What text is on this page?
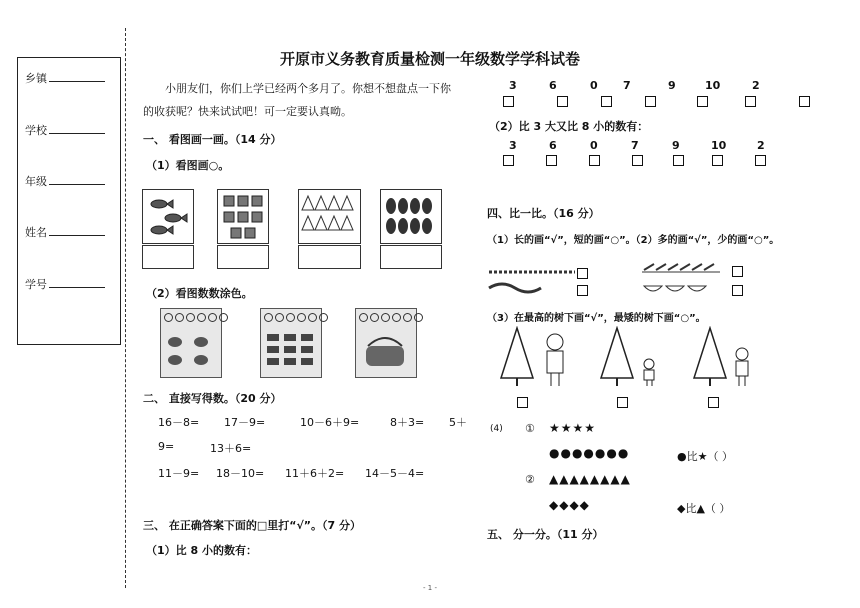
乡镇
学校
年级
姓名
学号
开原市义务教育质量检测一年级数学学科试卷
小朋友们，你们上学已经两个多月了。你想不想盘点一下你
的收获呢？快来试试吧！可一定要认真呦。
一、 看图画一画。（14 分）
（1）看图画○。
（2）看图数数涂色。
二、 直接写得数。（20 分）
16－8= 17－9=	10－6＋9=	8＋3= 5＋
9=	13＋6=
11－9= 18－10= 11＋6＋2= 14－5－4=
三、 在正确答案下面的□里打“√”。（7 分）
（1）比 8 小的数有：
3	6	0 7	9	10	2
（2）比 3 大又比 8 小的数有：
3	6	0	7	9	10	2
四、比一比。（16 分）
（1）长的画“√”，短的画“○”。（2）多的画“√”，少的画“○”。
（3）在最高的树下画“√”，最矮的树下画“○”。
(4) ① ★★★★
●●●●●●●	●比★（ ）
② ▲▲▲▲▲▲▲▲
◆◆◆◆	◆比▲（ ）
五、 分一分。（11 分）
- 1 -
